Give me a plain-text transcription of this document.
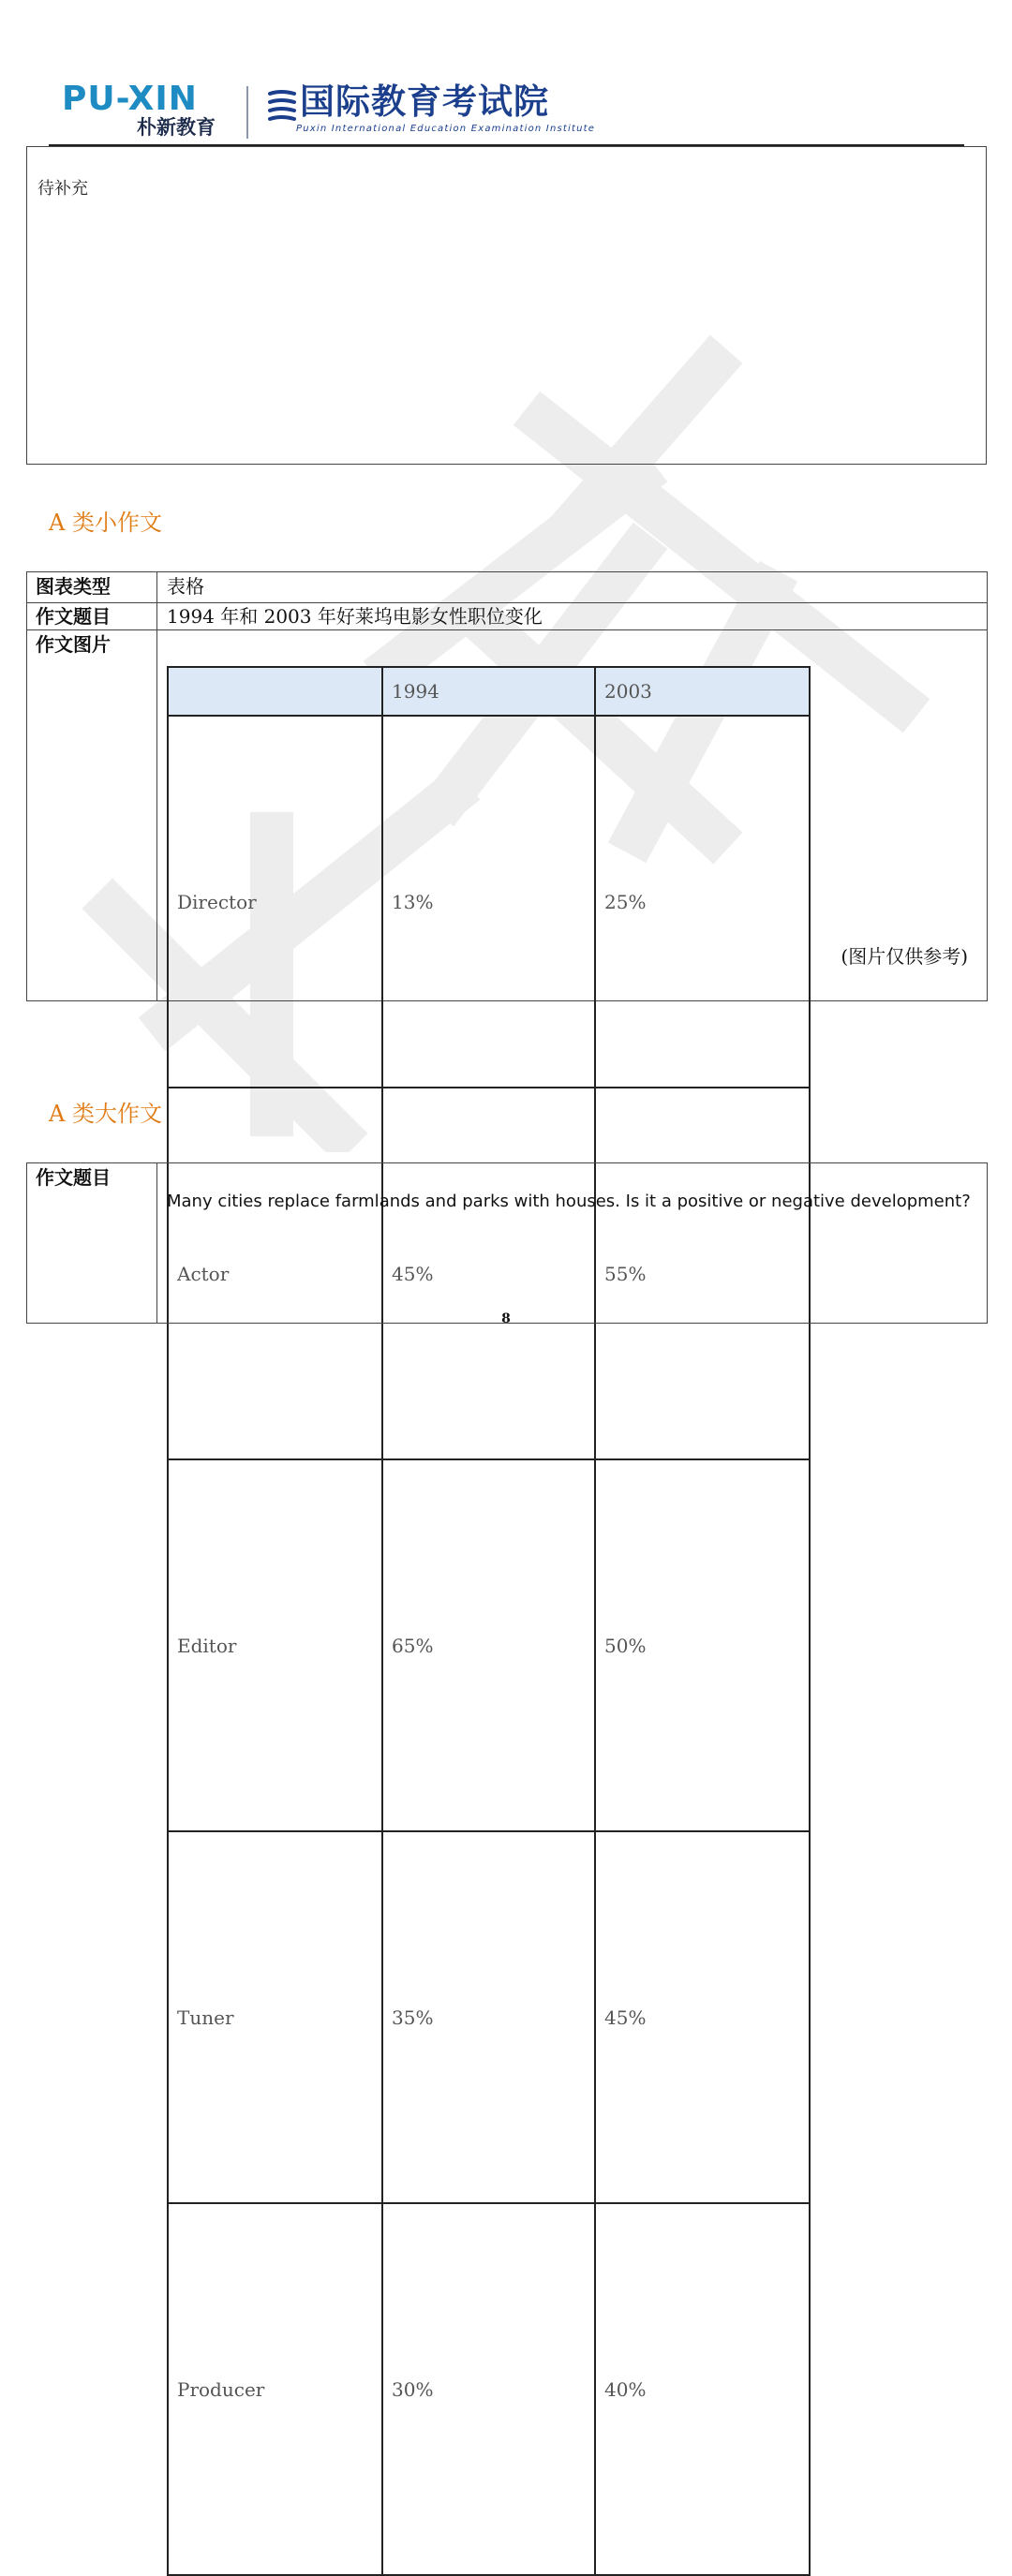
PU-XIN
朴新教育
国际教育考试院
Puxin International Education Examination Institute
待补充
A 类小作文
图表类型	表格
作文题目	1994 年和 2003 年好莱坞电影女性职位变化
作文图片	
	1994	2003
Director	13%	25%
Actor	45%	55%
Editor	65%	50%
Tuner	35%	45%
Producer	30%	40%
(图片仅供参考)
A 类大作文
作文题目	Many cities replace farmlands and parks with houses. Is it a positive or negative development?
8
